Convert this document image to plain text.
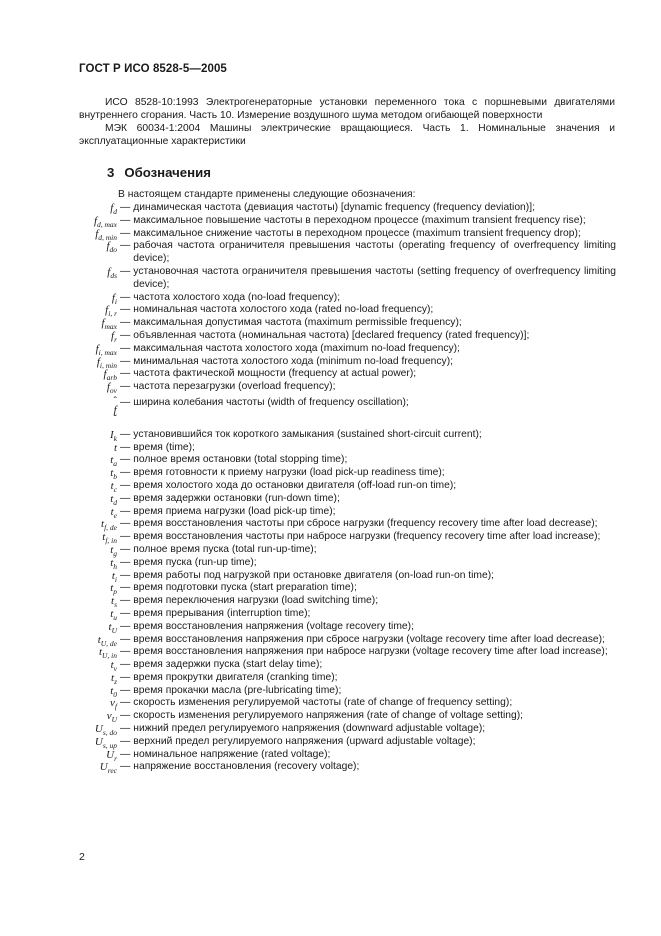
ГОСТ Р ИСО 8528-5—2005

ИСО 8528-10:1993 Электрогенераторные установки переменного тока с поршневыми двигателями внутреннего сгорания. Часть 10. Измерение воздушного шума методом огибающей поверхности

МЭК 60034-1:2004 Машины электрические вращающиеся. Часть 1. Номинальные значения и эксплуатационные характеристики

3 Обозначения
В настоящем стандарте применены следующие обозначения:
$f_d$ — динамическая частота (девиация частоты) [dynamic frequency (frequency deviation)];
$f_{d, max}$ — максимальное повышение частоты в переходном процессе (maximum transient frequency rise);
$f_{d, min}$ — максимальное снижение частоты в переходном процессе (maximum transient frequency drop);
$f_{do}$ — рабочая частота ограничителя превышения частоты (operating frequency of overfrequency limiting device);
$f_{ds}$ — установочная частота ограничителя превышения частоты (setting frequency of overfrequency limiting device);
$f_i$ — частота холостого хода (no-load frequency);
$f_{i, r}$ — номинальная частота холостого хода (rated no-load frequency);
$f_{max}$ — максимальная допустимая частота (maximum permissible frequency);
$f_r$ — объявленная частота (номинальная частота) [declared frequency (rated frequency)];
$f_{i, max}$ — максимальная частота холостого хода (maximum no-load frequency);
$f_{i, min}$ — минимальная частота холостого хода (minimum no-load frequency);
$f_{arb}$ — частота фактической мощности (frequency at actual power);
$f_{ov}$ — частота перезагрузки (overload frequency);
ˆ
f
ˇ
— ширина колебания частоты (width of frequency oscillation);
$I_k$ — установившийся ток короткого замыкания (sustained short-circuit current);
t — время (time);
$t_a$ — полное время остановки (total stopping time);
$t_b$ — время готовности к приему нагрузки (load pick-up readiness time);
$t_c$ — время холостого хода до остановки двигателя (off-load run-on time);
$t_d$ — время задержки остановки (run-down time);
$t_e$ — время приема нагрузки (load pick-up time);
$t_{f, de}$ — время восстановления частоты при сбросе нагрузки (frequency recovery time after load decrease);
$t_{f, in}$ — время восстановления частоты при набросе нагрузки (frequency recovery time after load increase);
$t_g$ — полное время пуска (total run-up-time);
$t_h$ — время пуска (run-up time);
$t_i$ — время работы под нагрузкой при остановке двигателя (on-load run-on time);
$t_p$ — время подготовки пуска (start preparation time);
$t_s$ — время переключения нагрузки (load switching time);
$t_u$ — время прерывания (interruption time);
$t_U$ — время восстановления напряжения (voltage recovery time);
$t_{U, de}$ — время восстановления напряжения при сбросе нагрузки (voltage recovery time after load decrease);
$t_{U, in}$ — время восстановления напряжения при набросе нагрузки (voltage recovery time after load increase);
$t_v$ — время задержки пуска (start delay time);
$t_z$ — время прокрутки двигателя (cranking time);
$t_0$ — время прокачки масла (pre-lubricating time);
$v_f$ — скорость изменения регулируемой частоты (rate of change of frequency setting);
$v_U$ — скорость изменения регулируемого напряжения (rate of change of voltage setting);
$U_{s, do}$ — нижний предел регулируемого напряжения (downward adjustable voltage);
$U_{s, up}$ — верхний предел регулируемого напряжения (upward adjustable voltage);
$U_r$ — номинальное напряжение (rated voltage);
$U_{rec}$ — напряжение восстановления (recovery voltage);
2
